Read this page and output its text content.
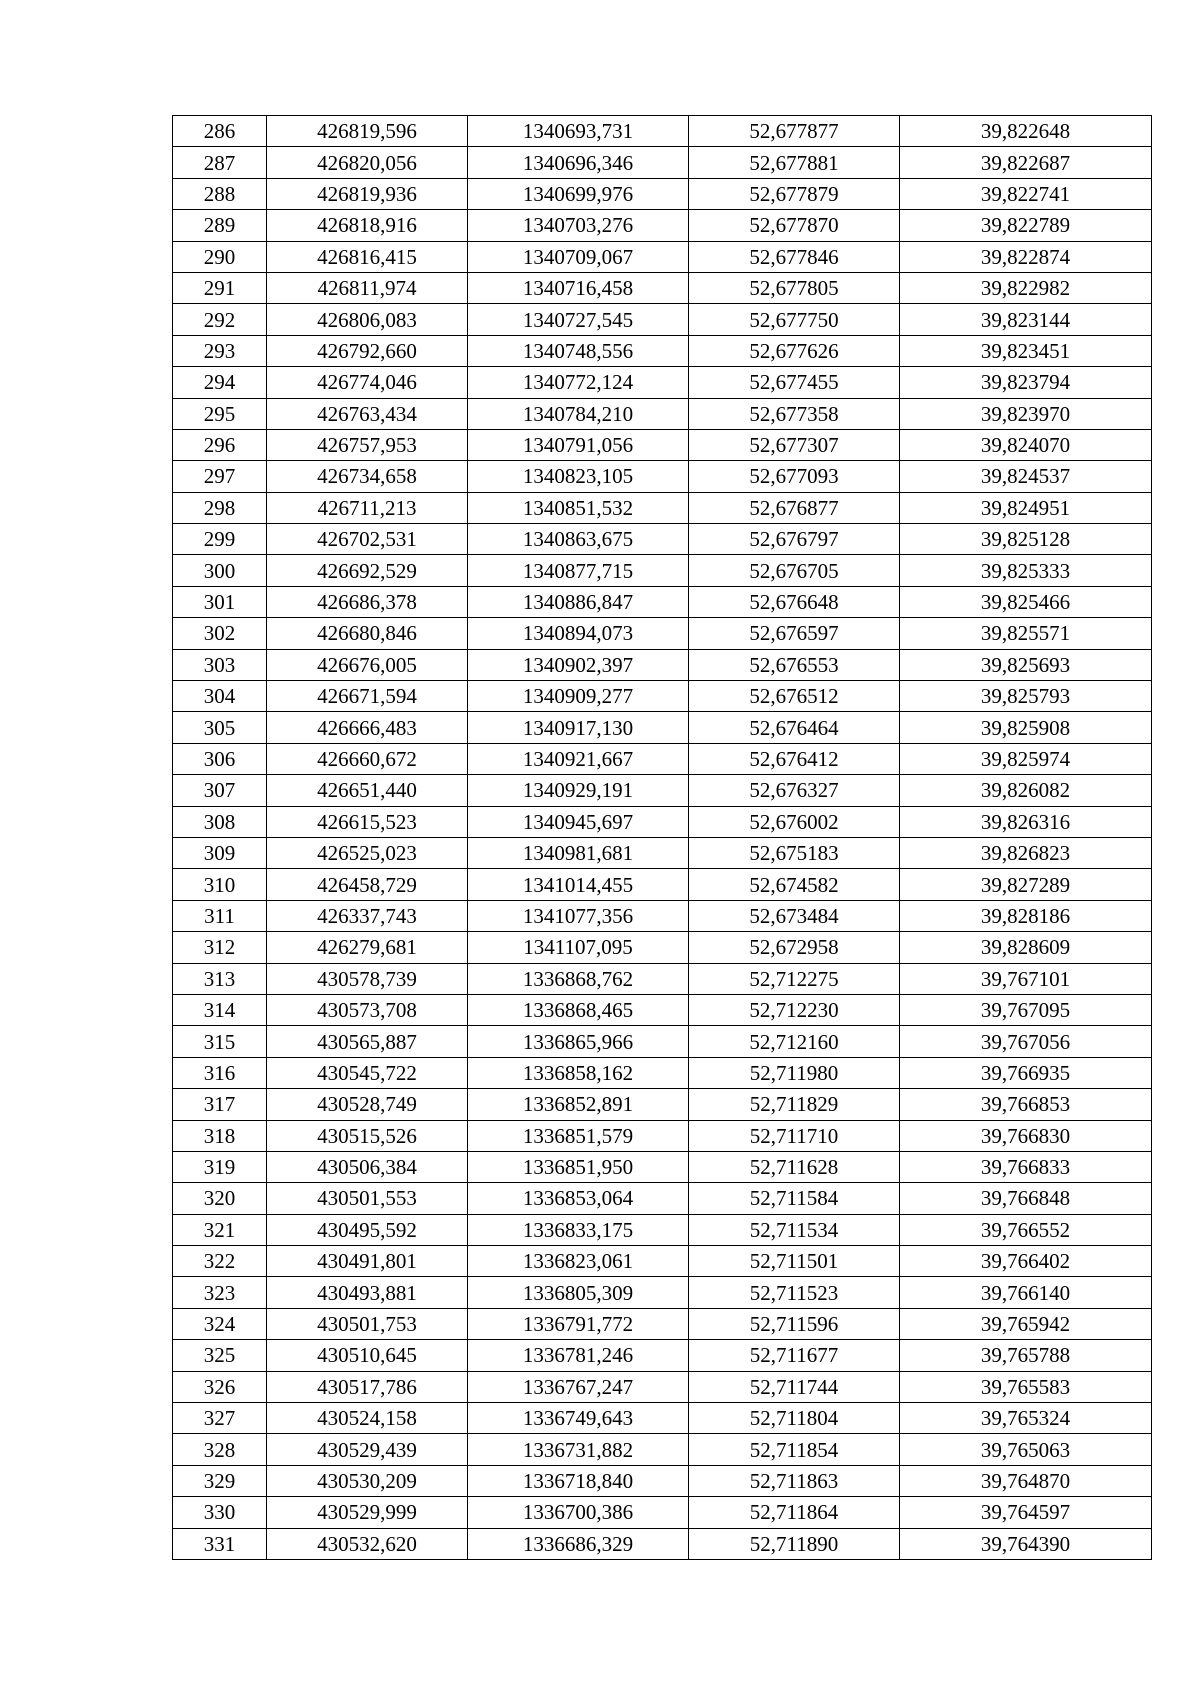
286	426819,596	1340693,731	52,677877	39,822648
287	426820,056	1340696,346	52,677881	39,822687
288	426819,936	1340699,976	52,677879	39,822741
289	426818,916	1340703,276	52,677870	39,822789
290	426816,415	1340709,067	52,677846	39,822874
291	426811,974	1340716,458	52,677805	39,822982
292	426806,083	1340727,545	52,677750	39,823144
293	426792,660	1340748,556	52,677626	39,823451
294	426774,046	1340772,124	52,677455	39,823794
295	426763,434	1340784,210	52,677358	39,823970
296	426757,953	1340791,056	52,677307	39,824070
297	426734,658	1340823,105	52,677093	39,824537
298	426711,213	1340851,532	52,676877	39,824951
299	426702,531	1340863,675	52,676797	39,825128
300	426692,529	1340877,715	52,676705	39,825333
301	426686,378	1340886,847	52,676648	39,825466
302	426680,846	1340894,073	52,676597	39,825571
303	426676,005	1340902,397	52,676553	39,825693
304	426671,594	1340909,277	52,676512	39,825793
305	426666,483	1340917,130	52,676464	39,825908
306	426660,672	1340921,667	52,676412	39,825974
307	426651,440	1340929,191	52,676327	39,826082
308	426615,523	1340945,697	52,676002	39,826316
309	426525,023	1340981,681	52,675183	39,826823
310	426458,729	1341014,455	52,674582	39,827289
311	426337,743	1341077,356	52,673484	39,828186
312	426279,681	1341107,095	52,672958	39,828609
313	430578,739	1336868,762	52,712275	39,767101
314	430573,708	1336868,465	52,712230	39,767095
315	430565,887	1336865,966	52,712160	39,767056
316	430545,722	1336858,162	52,711980	39,766935
317	430528,749	1336852,891	52,711829	39,766853
318	430515,526	1336851,579	52,711710	39,766830
319	430506,384	1336851,950	52,711628	39,766833
320	430501,553	1336853,064	52,711584	39,766848
321	430495,592	1336833,175	52,711534	39,766552
322	430491,801	1336823,061	52,711501	39,766402
323	430493,881	1336805,309	52,711523	39,766140
324	430501,753	1336791,772	52,711596	39,765942
325	430510,645	1336781,246	52,711677	39,765788
326	430517,786	1336767,247	52,711744	39,765583
327	430524,158	1336749,643	52,711804	39,765324
328	430529,439	1336731,882	52,711854	39,765063
329	430530,209	1336718,840	52,711863	39,764870
330	430529,999	1336700,386	52,711864	39,764597
331	430532,620	1336686,329	52,711890	39,764390
